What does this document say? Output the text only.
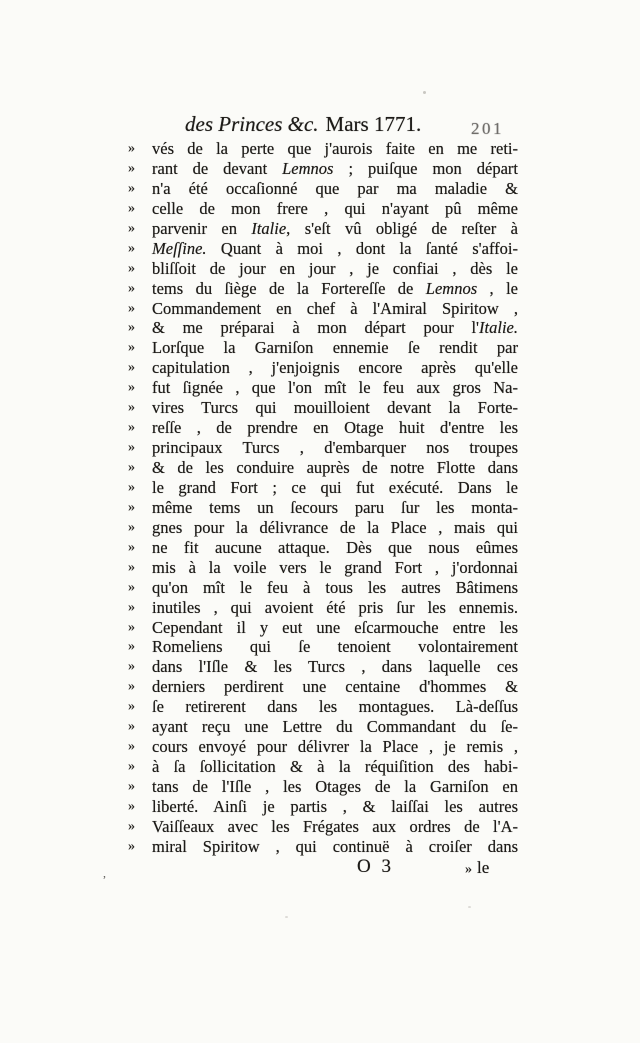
des Princes &c. Mars 1771.	201
»	vés de la perte que j'aurois faite en me reti-
»	rant de devant Lemnos ; puiſque mon départ
»	n'a été occaſionné que par ma maladie &
»	celle de mon frere , qui n'ayant pû même
»	parvenir en Italie, s'eſt vû obligé de reſter à
»	Meſſine. Quant à moi , dont la ſanté s'affoi-
»	bliſſoit de jour en jour , je confiai , dès le
»	tems du ſiège de la Fortereſſe de Lemnos , le
»	Commandement en chef à l'Amiral Spiritow ,
»	& me préparai à mon départ pour l'Italie.
»	Lorſque la Garniſon ennemie ſe rendit par
»	capitulation , j'enjoignis encore après qu'elle
»	fut ſignée , que l'on mît le feu aux gros Na-
»	vires Turcs qui mouilloient devant la Forte-
»	reſſe , de prendre en Otage huit d'entre les
»	principaux Turcs , d'embarquer nos troupes
»	& de les conduire auprès de notre Flotte dans
»	le grand Fort ; ce qui fut exécuté. Dans le
»	même tems un ſecours paru ſur les monta-
»	gnes pour la délivrance de la Place , mais qui
»	ne fit aucune attaque. Dès que nous eûmes
»	mis à la voile vers le grand Fort , j'ordonnai
»	qu'on mît le feu à tous les autres Bâtimens
»	inutiles , qui avoient été pris ſur les ennemis.
»	Cependant il y eut une eſcarmouche entre les
»	Romeliens qui ſe tenoient volontairement
»	dans l'Iſle & les Turcs , dans laquelle ces
»	derniers perdirent une centaine d'hommes &
»	ſe retirerent dans les montagues. Là-deſſus
»	ayant reçu une Lettre du Commandant du ſe-
»	cours envoyé pour délivrer la Place , je remis ,
»	à ſa ſollicitation & à la réquiſition des habi-
»	tans de l'Iſle , les Otages de la Garniſon en
»	liberté. Ainſi je partis , & laiſſai les autres
»	Vaiſſeaux avec les Frégates aux ordres de l'A-
»	miral Spiritow , qui continuë à croiſer dans
O 3	» le
,
